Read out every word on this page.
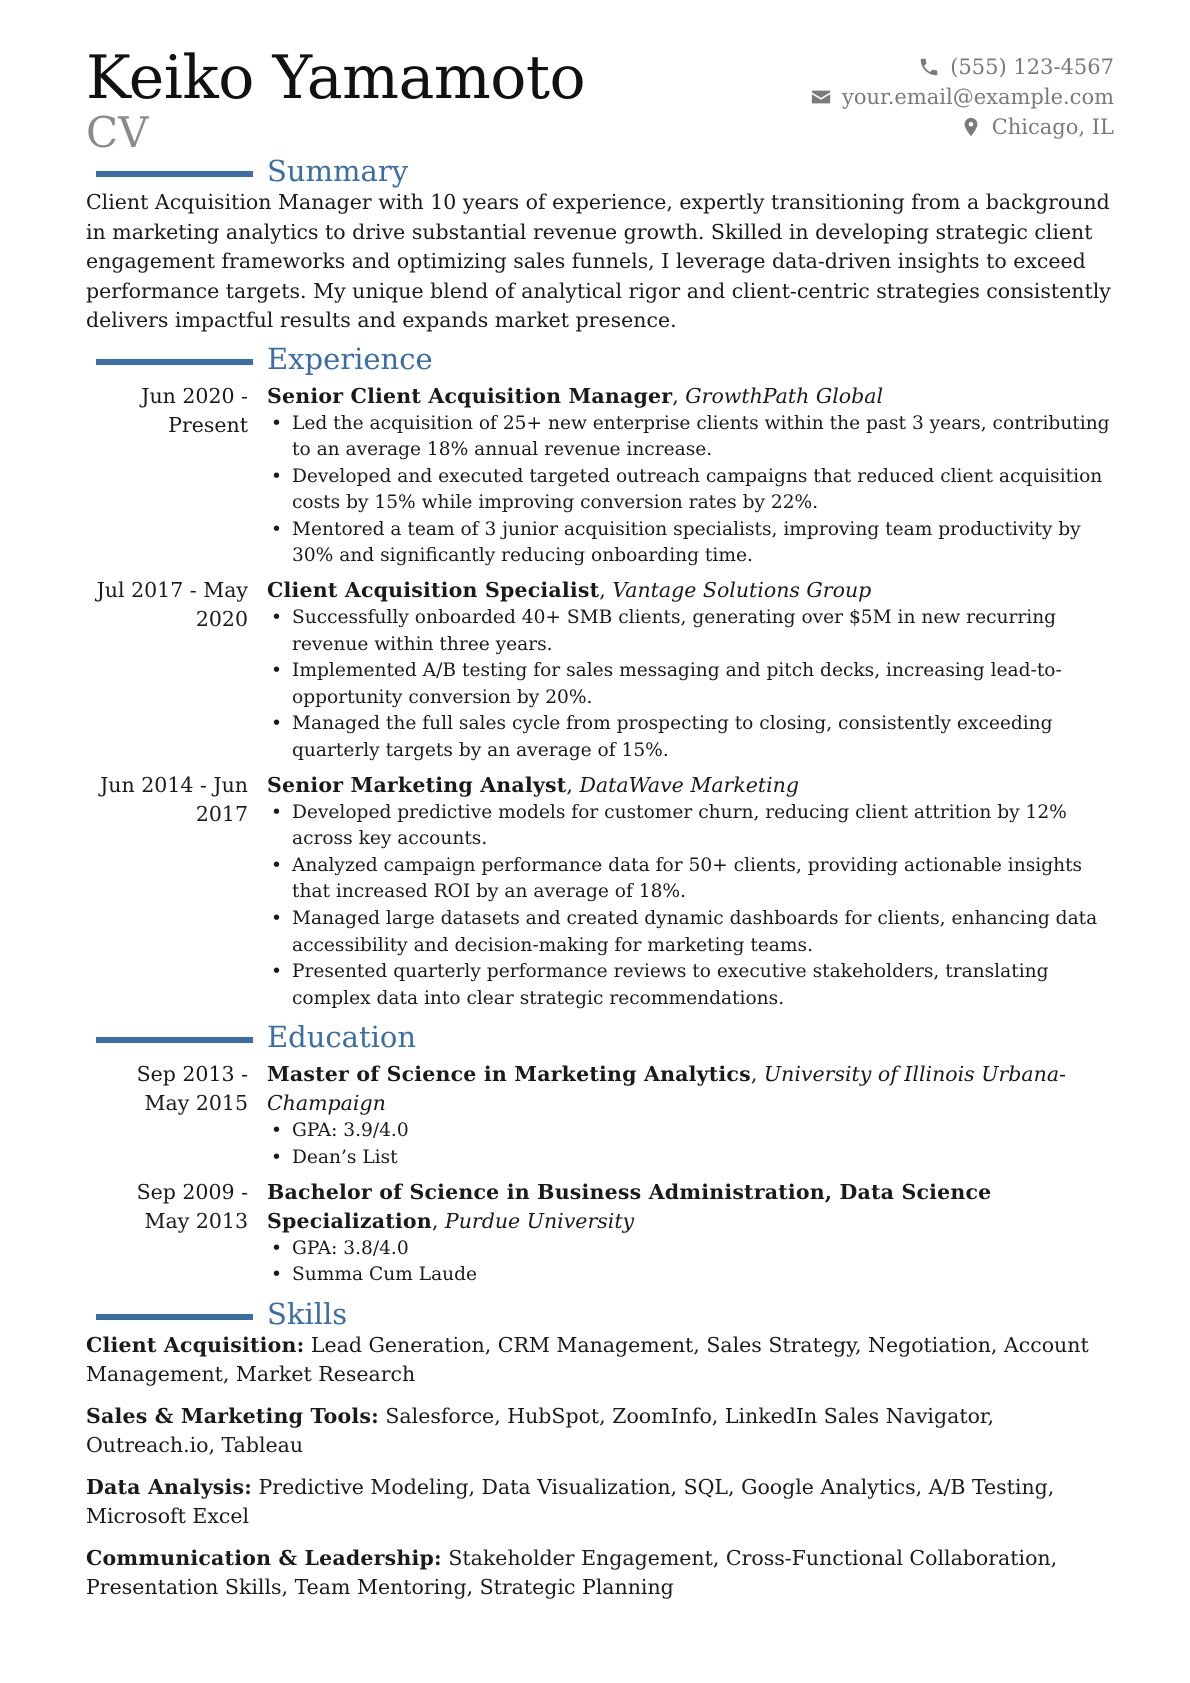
Keiko Yamamoto
CV
(555) 123-4567
your.email@example.com
Chicago, IL
Summary

Client Acquisition Manager with 10 years of experience, expertly transitioning from a background in marketing analytics to drive substantial revenue growth. Skilled in developing strategic client engagement frameworks and optimizing sales funnels, I leverage data-driven insights to exceed performance targets. My unique blend of analytical rigor and client-centric strategies consistently delivers impactful results and expands market presence.

Experience
Jun 2020 - Present
Senior Client Acquisition Manager, GrowthPath Global
• Led the acquisition of 25+ new enterprise clients within the past 3 years, contributing to an average 18% annual revenue increase.
• Developed and executed targeted outreach campaigns that reduced client acquisition costs by 15% while improving conversion rates by 22%.
• Mentored a team of 3 junior acquisition specialists, improving team productivity by 30% and significantly reducing onboarding time.
Jul 2017 - May 2020
Client Acquisition Specialist, Vantage Solutions Group
• Successfully onboarded 40+ SMB clients, generating over $5M in new recurring revenue within three years.
• Implemented A/B testing for sales messaging and pitch decks, increasing lead-to-opportunity conversion by 20%.
• Managed the full sales cycle from prospecting to closing, consistently exceeding quarterly targets by an average of 15%.
Jun 2014 - Jun 2017
Senior Marketing Analyst, DataWave Marketing
• Developed predictive models for customer churn, reducing client attrition by 12% across key accounts.
• Analyzed campaign performance data for 50+ clients, providing actionable insights that increased ROI by an average of 18%.
• Managed large datasets and created dynamic dashboards for clients, enhancing data accessibility and decision-making for marketing teams.
• Presented quarterly performance reviews to executive stakeholders, translating complex data into clear strategic recommendations.
Education
Sep 2013 - May 2015
Master of Science in Marketing Analytics, University of Illinois Urbana-Champaign
• GPA: 3.9/4.0
• Dean’s List
Sep 2009 - May 2013
Bachelor of Science in Business Administration, Data Science Specialization, Purdue University
• GPA: 3.8/4.0
• Summa Cum Laude
Skills

Client Acquisition: Lead Generation, CRM Management, Sales Strategy, Negotiation, Account Management, Market Research

Sales & Marketing Tools: Salesforce, HubSpot, ZoomInfo, LinkedIn Sales Navigator, Outreach.io, Tableau

Data Analysis: Predictive Modeling, Data Visualization, SQL, Google Analytics, A/B Testing, Microsoft Excel

Communication & Leadership: Stakeholder Engagement, Cross-Functional Collaboration, Presentation Skills, Team Mentoring, Strategic Planning
